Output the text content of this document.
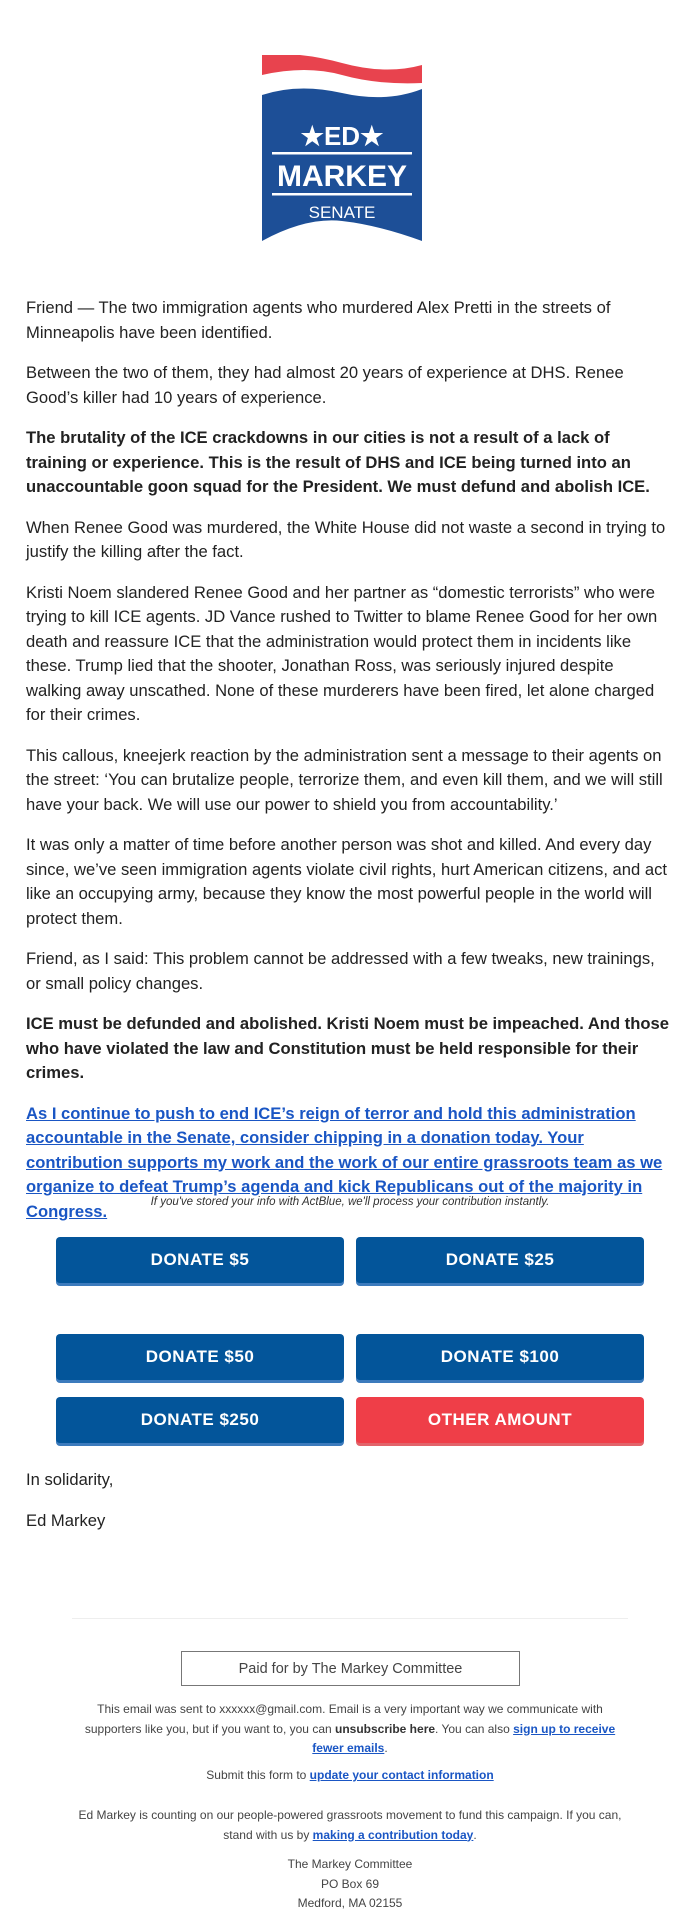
★ED★
MARKEY
SENATE

Friend — The two immigration agents who murdered Alex Pretti in the streets of Minneapolis have been identified.

Between the two of them, they had almost 20 years of experience at DHS. Renee Good’s killer had 10 years of experience.

The brutality of the ICE crackdowns in our cities is not a result of a lack of training or experience. This is the result of DHS and ICE being turned into an unaccountable goon squad for the President. We must defund and abolish ICE.

When Renee Good was murdered, the White House did not waste a second in trying to justify the killing after the fact.

Kristi Noem slandered Renee Good and her partner as “domestic terrorists” who were trying to kill ICE agents. JD Vance rushed to Twitter to blame Renee Good for her own death and reassure ICE that the administration would protect them in incidents like these. Trump lied that the shooter, Jonathan Ross, was seriously injured despite walking away unscathed. None of these murderers have been fired, let alone charged for their crimes.

This callous, kneejerk reaction by the administration sent a message to their agents on the street: ‘You can brutalize people, terrorize them, and even kill them, and we will still have your back. We will use our power to shield you from accountability.’

It was only a matter of time before another person was shot and killed. And every day since, we’ve seen immigration agents violate civil rights, hurt American citizens, and act like an occupying army, because they know the most powerful people in the world will protect them.

Friend, as I said: This problem cannot be addressed with a few tweaks, new trainings, or small policy changes.

ICE must be defunded and abolished. Kristi Noem must be impeached. And those who have violated the law and Constitution must be held responsible for their crimes.

As I continue to push to end ICE’s reign of terror and hold this administration accountable in the Senate, consider chipping in a donation today. Your contribution supports my work and the work of our entire grassroots team as we organize to defeat Trump’s agenda and kick Republicans out of the majority in Congress.	If you've stored your info with ActBlue, we'll process your contribution instantly.
DONATE $5	DONATE $25
DONATE $50	DONATE $100
DONATE $250	OTHER AMOUNT
In solidarity,
Ed Markey
Paid for by The Markey Committee
This email was sent to xxxxxx@gmail.com. Email is a very important way we communicate with supporters like you, but if you want to, you can unsubscribe here. You can also sign up to receive fewer emails.
Submit this form to update your contact information
Ed Markey is counting on our people-powered grassroots movement to fund this campaign. If you can, stand with us by making a contribution today.
The Markey Committee
PO Box 69
Medford, MA 02155
